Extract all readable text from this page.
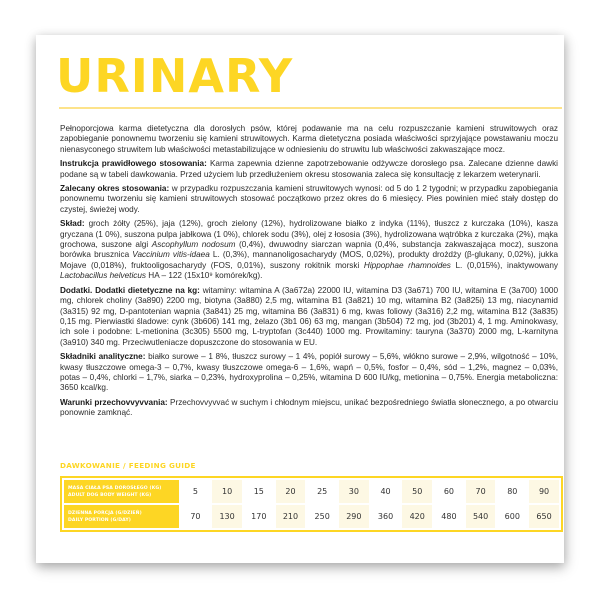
URINARY

Pełnoporcjowa karma dietetyczna dla dorosłych psów, której podawanie ma na celu rozpuszczanie kamieni struwitowych oraz zapobieganie ponownemu tworzeniu się kamieni struwitowych. Karma dietetyczna posiada właściwości sprzyjające powstawaniu moczu nienasyconego struwitem lub właściwości metastabilizujące w odniesieniu do struwitu lub właściwości zakwaszające mocz.

Instrukcja prawidłowego stosowania: Karma zapewnia dzienne zapotrzebowanie odżywcze dorosłego psa. Zalecane dzienne dawki podane są w tabeli dawkowania. Przed użyciem lub przedłużeniem okresu stosowania zaleca się konsultację z lekarzem weterynarii.

Zalecany okres stosowania: w przypadku rozpuszczania kamieni struwitowych wynosi: od 5 do 1 2 tygodni; w przypadku zapobiegania ponownemu tworzeniu się kamieni struwitowych stosować początkowo przez okres do 6 miesięcy. Pies powinien mieć stały dostęp do czystej, świeżej wody.

Skład: groch żółty (25%), jaja (12%), groch zielony (12%), hydrolizowane białko z indyka (11%), tłuszcz z kurczaka (10%), kasza gryczana (1 0%), suszona pulpa jabłkowa (1 0%), chlorek sodu (3%), olej z łososia (3%), hydrolizowana wątróbka z kurczaka (2%), mąka grochowa, suszone algi Ascophyllum nodosum (0,4%), dwuwodny siarczan wapnia (0,4%, substancja zakwaszająca mocz), suszona borówka brusznica Vaccinium vitis-idaea L. (0,3%), mannanoligosacharydy (MOS, 0,02%), produkty drożdży (β-glukany, 0,02%), jukka Mojave (0,018%), fruktooligosacharydy (FOS, 0,01%), suszony rokitnik morski Hippophae rhamnoides L. (0,015%), inaktywowany Lactobacillus helveticus HA – 122 (15x10⁹ komórek/kg).

Dodatki. Dodatki dietetyczne na kg: witaminy: witamina A (3a672a) 22000 IU, witamina D3 (3a671) 700 IU, witamina E (3a700) 1000 mg, chlorek choliny (3a890) 2200 mg, biotyna (3a880) 2,5 mg, witamina B1 (3a821) 10 mg, witamina B2 (3a825i) 13 mg, niacynamid (3a315) 92 mg, D-pantotenian wapnia (3a841) 25 mg, witamina B6 (3a831) 6 mg, kwas foliowy (3a316) 2,2 mg, witamina B12 (3a835) 0,15 mg. Pierwiastki śladowe: cynk (3b606) 141 mg, żelazo (3b1 06) 63 mg, mangan (3b504) 72 mg, jod (3b201) 4, 1 mg. Aminokwasy, ich sole i podobne: L-metionina (3c305) 5500 mg, L-tryptofan (3c440) 1000 mg. Prowitaminy: tauryna (3a370) 2000 mg, L-karnityna (3a910) 340 mg. Przeciwutleniacze dopuszczone do stosowania w EU.

Składniki analityczne: białko surowe – 1 8%, tłuszcz surowy – 1 4%, popiół surowy – 5,6%, włókno surowe – 2,9%, wilgotność – 10%, kwasy tłuszczowe omega-3 – 0,7%, kwasy tłuszczowe omega-6 – 1,6%, wapń – 0,5%, fosfor – 0,4%, sód – 1,2%, magnez – 0,03%, potas – 0,4%, chlorki – 1,7%, siarka – 0,23%, hydroxyprolina – 0,25%, witamina D 600 IU/kg, metionina – 0,75%. Energia metaboliczna: 3650 kcal/kg.

Warunki przechovvyvvania: Przechovvyvvać w suchym i chłodnym miejscu, unikać bezpośredniego światła słonecznego, a po otwarciu ponownie zamknąć.

DAWKOWANIE / FEEDING GUIDE
MASA CIAŁA PSA DOROSŁEGO (KG)
ADULT DOG BODY WEIGHT (KG)	5	10	15	20	25	30	40	50	60	70	80	90

DZIENNA PORCJA (G/DZIEŃ)
DAILY PORTION (G/DAY)	70	130	170	210	250	290	360	420	480	540	600	650
